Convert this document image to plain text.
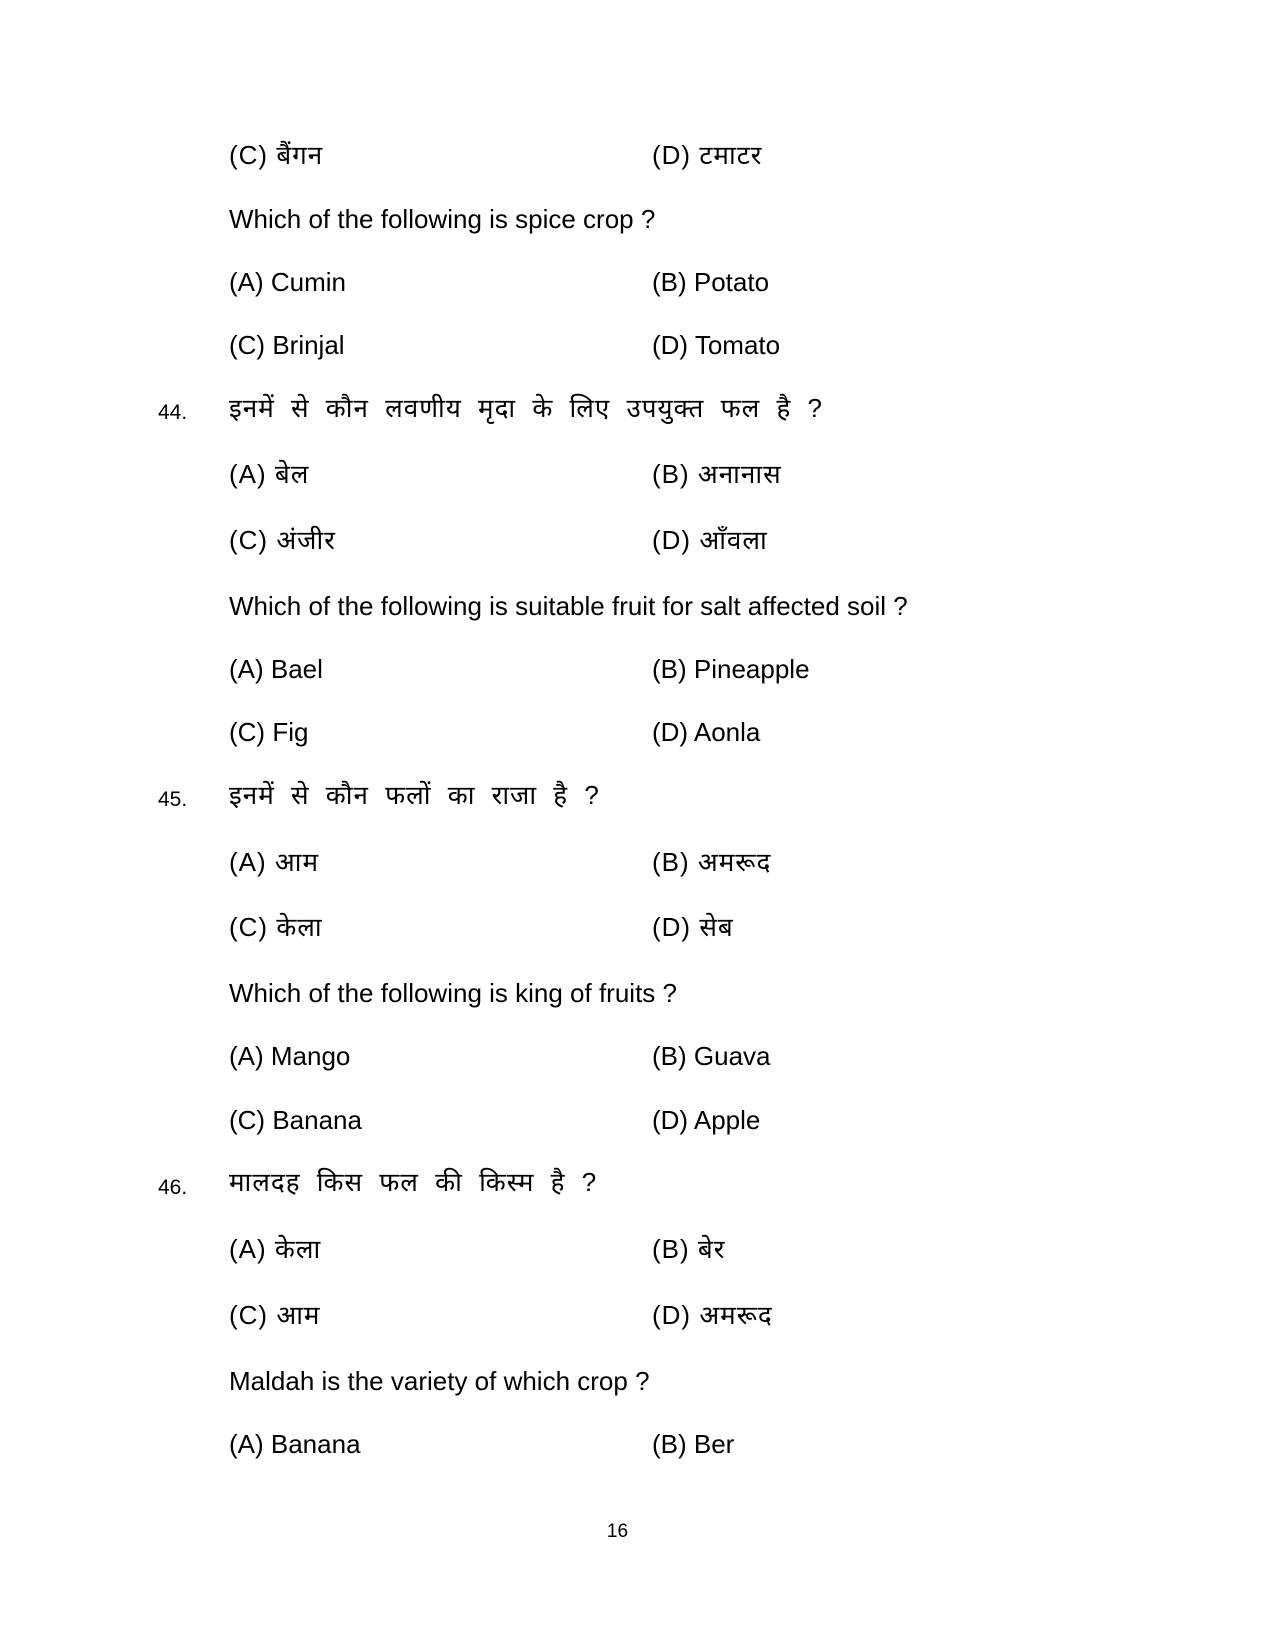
(C) बैंगन	(D) टमाटर
Which of the following is spice crop ?
(A) Cumin	(B) Potato
(C) Brinjal	(D) Tomato
44. इनमें से कौन लवणीय मृदा के लिए उपयुक्त फल है ?
(A) बेल	(B) अनानास
(C) अंजीर	(D) आँवला
Which of the following is suitable fruit for salt affected soil ?
(A) Bael	(B) Pineapple
(C) Fig	(D) Aonla
45. इनमें से कौन फलों का राजा है ?
(A) आम	(B) अमरूद
(C) केला	(D) सेब
Which of the following is king of fruits ?
(A) Mango	(B) Guava
(C) Banana	(D) Apple
46. मालदह किस फल की किस्म है ?
(A) केला	(B) बेर
(C) आम	(D) अमरूद
Maldah is the variety of which crop ?
(A) Banana	(B) Ber
16
